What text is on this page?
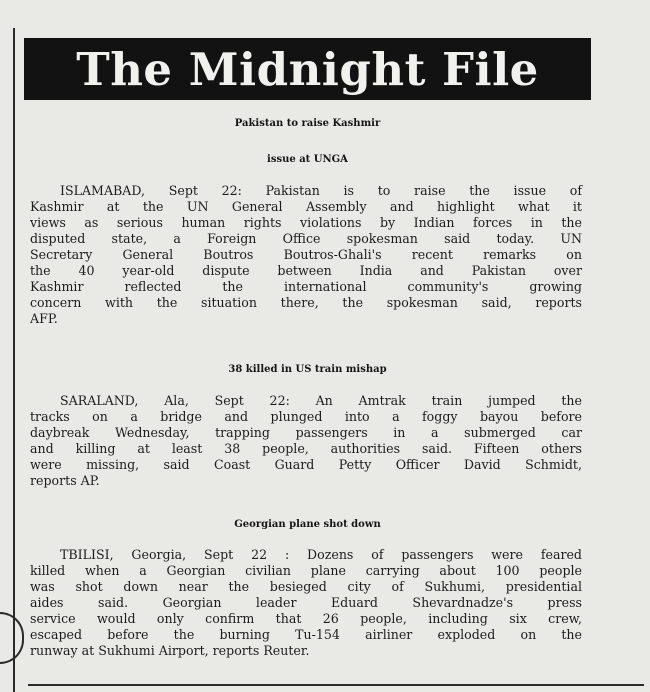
The Midnight File
Pakistan to raise Kashmir
issue at UNGA
ISLAMABAD, Sept 22: Pakistan is to raise the issue of
Kashmir at the UN General Assembly and highlight what it
views as serious human rights violations by Indian forces in the
disputed state, a Foreign Office spokesman said today. UN
Secretary General Boutros Boutros-Ghali's recent remarks on
the 40 year-old dispute between India and Pakistan over
Kashmir reflected the international community's growing
concern with the situation there, the spokesman said, reports
AFP.
38 killed in US train mishap
SARALAND, Ala, Sept 22: An Amtrak train jumped the
tracks on a bridge and plunged into a foggy bayou before
daybreak Wednesday, trapping passengers in a submerged car
and killing at least 38 people, authorities said. Fifteen others
were missing, said Coast Guard Petty Officer David Schmidt,
reports AP.
Georgian plane shot down
TBILISI, Georgia, Sept 22 : Dozens of passengers were feared
killed when a Georgian civilian plane carrying about 100 people
was shot down near the besieged city of Sukhumi, presidential
aides said. Georgian leader Eduard Shevardnadze's press
service would only confirm that 26 people, including six crew,
escaped before the burning Tu-154 airliner exploded on the
runway at Sukhumi Airport, reports Reuter.
